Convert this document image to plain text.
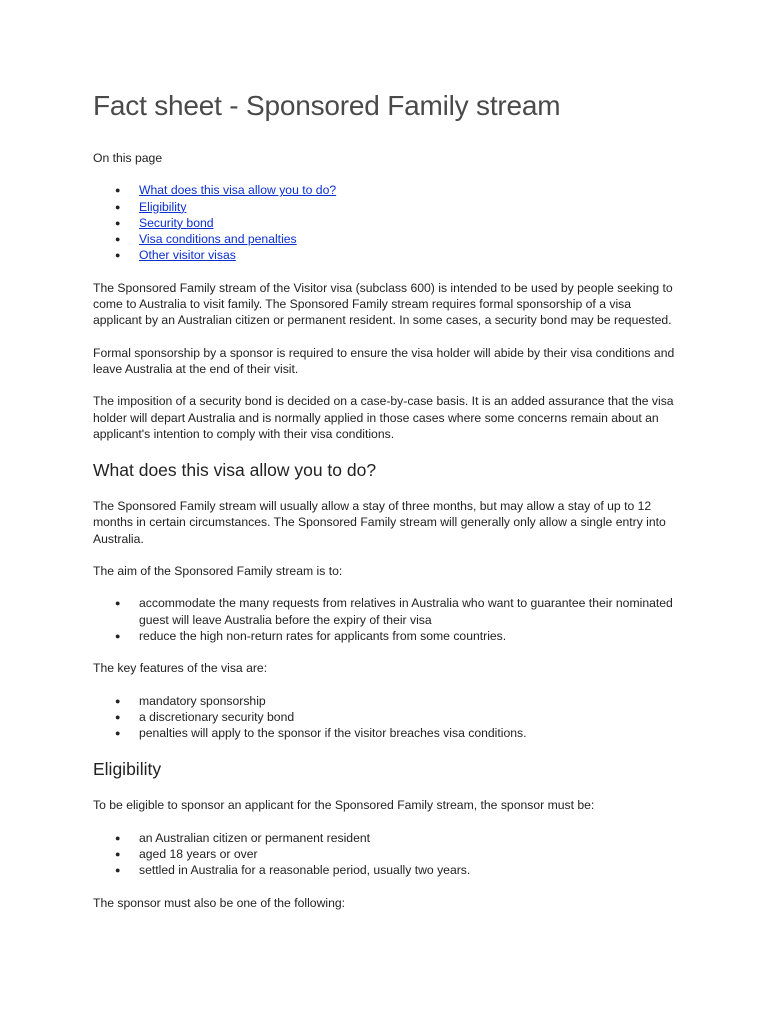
Fact sheet - Sponsored Family stream

On this page

● What does this visa allow you to do?
● Eligibility
● Security bond
● Visa conditions and penalties
● Other visitor visas

The Sponsored Family stream of the Visitor visa (subclass 600) is intended to be used by people seeking to come to Australia to visit family. The Sponsored Family stream requires formal sponsorship of a visa applicant by an Australian citizen or permanent resident. In some cases, a security bond may be requested.

Formal sponsorship by a sponsor is required to ensure the visa holder will abide by their visa conditions and leave Australia at the end of their visit.

The imposition of a security bond is decided on a case-by-case basis. It is an added assurance that the visa holder will depart Australia and is normally applied in those cases where some concerns remain about an applicant's intention to comply with their visa conditions.

What does this visa allow you to do?

The Sponsored Family stream will usually allow a stay of three months, but may allow a stay of up to 12 months in certain circumstances. The Sponsored Family stream will generally only allow a single entry into Australia.

The aim of the Sponsored Family stream is to:

● accommodate the many requests from relatives in Australia who want to guarantee their nominated guest will leave Australia before the expiry of their visa
● reduce the high non-return rates for applicants from some countries.

The key features of the visa are:

● mandatory sponsorship
● a discretionary security bond
● penalties will apply to the sponsor if the visitor breaches visa conditions.
Eligibility

To be eligible to sponsor an applicant for the Sponsored Family stream, the sponsor must be:

● an Australian citizen or permanent resident
● aged 18 years or over
● settled in Australia for a reasonable period, usually two years.

The sponsor must also be one of the following:
